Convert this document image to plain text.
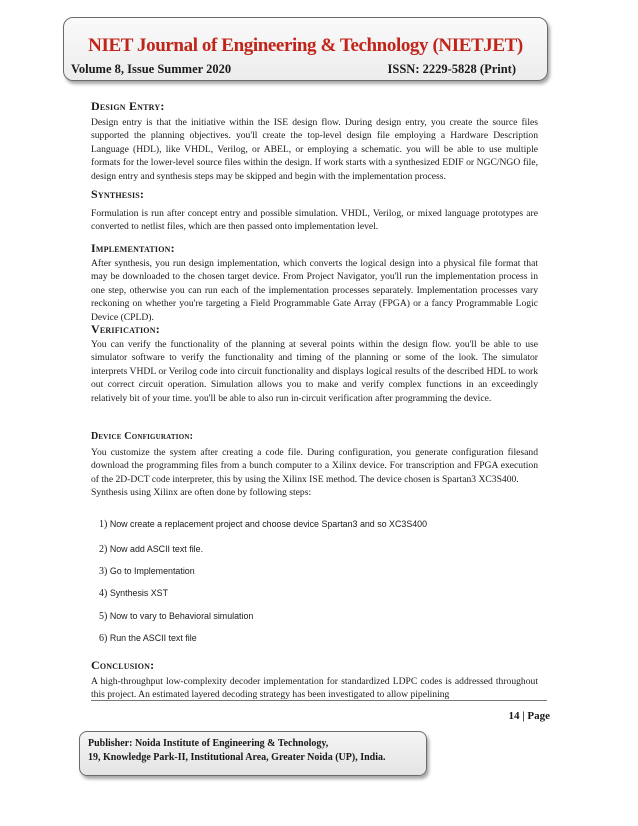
NIET Journal of Engineering & Technology (NIETJET)
Volume 8, Issue Summer 2020	ISSN: 2229-5828 (Print)
Design Entry:

Design entry is that the initiative within the ISE design flow. During design entry, you create the source files supported the planning objectives. you'll create the top-level design file employing a Hardware Description Language (HDL), like VHDL, Verilog, or ABEL, or employing a schematic. you will be able to use multiple formats for the lower-level source files within the design. If work starts with a synthesized EDIF or NGC/NGO file, design entry and synthesis steps may be skipped and begin with the implementation process.

Synthesis:

Formulation is run after concept entry and possible simulation. VHDL, Verilog, or mixed language prototypes are converted to netlist files, which are then passed onto implementation level.

Implementation:

After synthesis, you run design implementation, which converts the logical design into a physical file format that may be downloaded to the chosen target device. From Project Navigator, you'll run the implementation process in one step, otherwise you can run each of the implementation processes separately. Implementation processes vary reckoning on whether you're targeting a Field Programmable Gate Array (FPGA) or a fancy Programmable Logic Device (CPLD).

Verification:

You can verify the functionality of the planning at several points within the design flow. you'll be able to use simulator software to verify the functionality and timing of the planning or some of the look. The simulator interprets VHDL or Verilog code into circuit functionality and displays logical results of the described HDL to work out correct circuit operation. Simulation allows you to make and verify complex functions in an exceedingly relatively bit of your time. you'll be able to also run in-circuit verification after programming the device.

Device Configuration:

You customize the system after creating a code file. During configuration, you generate configuration filesand download the programming files from a bunch computer to a Xilinx device. For transcription and FPGA execution of the 2D-DCT code interpreter, this by using the Xilinx ISE method. The device chosen is Spartan3 XC3S400.

Synthesis using Xilinx are often done by following steps:

1) Now create a replacement project and choose device Spartan3 and so XC3S400
2) Now add ASCII text file.
3) Go to Implementation
4) Synthesis XST
5) Now to vary to Behavioral simulation
6) Run the ASCII text file
Conclusion:

A high-throughput low-complexity decoder implementation for standardized LDPC codes is addressed throughout this project. An estimated layered decoding strategy has been investigated to allow pipelining

14 | Page
Publisher: Noida Institute of Engineering & Technology,
19, Knowledge Park-II, Institutional Area, Greater Noida (UP), India.
